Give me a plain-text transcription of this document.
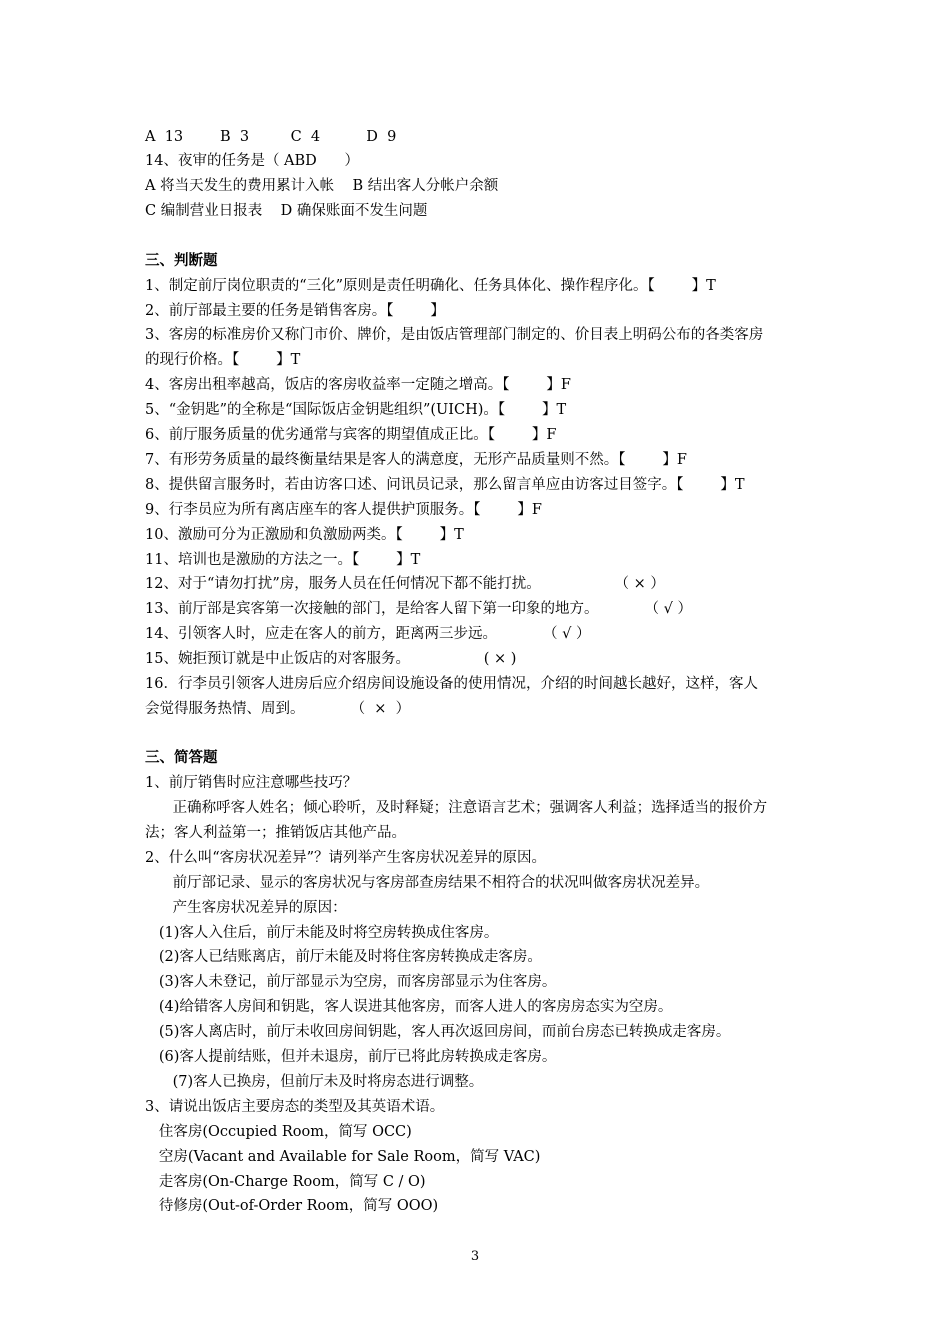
A  13        B  3         C  4          D  9
14、夜审的任务是（ ABD      ）
A 将当天发生的费用累计入帐    B 结出客人分帐户余额
C 编制营业日报表    D 确保账面不发生问题
三、判断题
1、制定前厅岗位职责的“三化”原则是责任明确化、任务具体化、操作程序化。【        】T
2、前厅部最主要的任务是销售客房。【        】
3、客房的标准房价又称门市价、牌价，是由饭店管理部门制定的、价目表上明码公布的各类客房
的现行价格。【        】T
4、客房出租率越高，饭店的客房收益率一定随之增高。【        】F
5、“金钥匙”的全称是“国际饭店金钥匙组织”(UICH)。【        】T
6、前厅服务质量的优劣通常与宾客的期望值成正比。【        】F
7、有形劳务质量的最终衡量结果是客人的满意度，无形产品质量则不然。【        】F
8、提供留言服务时，若由访客口述、问讯员记录，那么留言单应由访客过目签字。【        】T
9、行李员应为所有离店座车的客人提供护顶服务。【        】F
10、激励可分为正激励和负激励两类。【        】T
11、培训也是激励的方法之一。【        】T
12、对于“请勿打扰”房，服务人员在任何情况下都不能打扰。                （ × ）
13、前厅部是宾客第一次接触的部门，是给客人留下第一印象的地方。          （ √ ）
14、引领客人时，应走在客人的前方，距离两三步远。          （ √ ）
15、婉拒预订就是中止饭店的对客服务。                ( × )
16．行李员引领客人进房后应介绍房间设施设备的使用情况，介绍的时间越长越好，这样，客人
会觉得服务热情、周到。          （  ×  ）
三、简答题
1、前厅销售时应注意哪些技巧？
正确称呼客人姓名；倾心聆听，及时释疑；注意语言艺术；强调客人利益；选择适当的报价方
法；客人利益第一；推销饭店其他产品。
2、什么叫“客房状况差异”？请列举产生客房状况差异的原因。
前厅部记录、显示的客房状况与客房部查房结果不相符合的状况叫做客房状况差异。
产生客房状况差异的原因：
(1)客人入住后，前厅未能及时将空房转换成住客房。
(2)客人已结账离店，前厅未能及时将住客房转换成走客房。
(3)客人未登记，前厅部显示为空房，而客房部显示为住客房。
(4)给错客人房间和钥匙，客人误进其他客房，而客人进人的客房房态实为空房。
(5)客人离店时，前厅未收回房间钥匙，客人再次返回房间，而前台房态已转换成走客房。
(6)客人提前结账，但并未退房，前厅已将此房转换成走客房。
(7)客人已换房，但前厅未及时将房态进行调整。
3、请说出饭店主要房态的类型及其英语术语。
住客房(Occupied Room，简写 OCC)
空房(Vacant and Available for Sale Room，简写 VAC)
走客房(On-Charge Room，简写 C / O)
待修房(Out-of-Order Room，简写 OOO)
3
